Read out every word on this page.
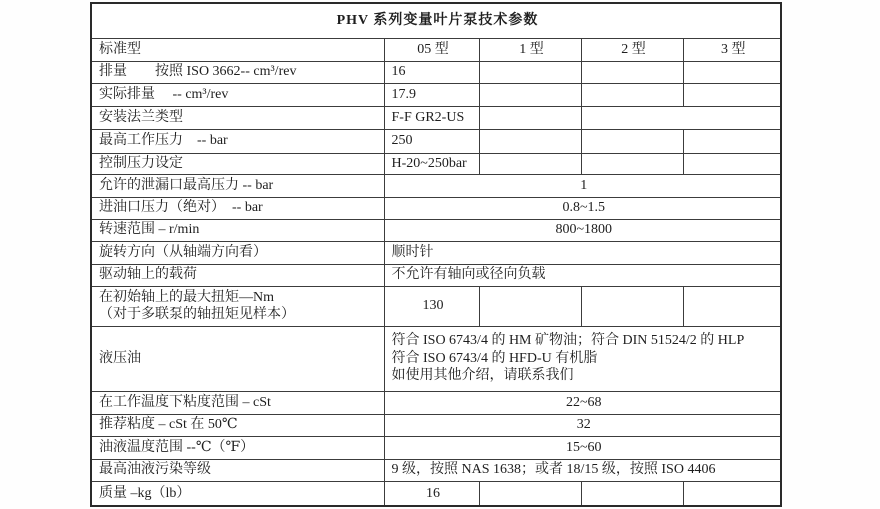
PHV 系列变量叶片泵技术参数				
标准型	05 型	1 型	2 型	3 型
排量　　按照 ISO 3662-- cm³/rev	16			
实际排量　 -- cm³/rev	17.9			
安装法兰类型	F-F GR2-US			
最高工作压力　-- bar	250			
控制压力设定	H-20~250bar			
允许的泄漏口最高压力 -- bar	1			
进油口压力（绝对）　-- bar	0.8~1.5			
转速范围 – r/min	800~1800			
旋转方向（从轴端方向看）	顺时针			
驱动轴上的载荷	不允许有轴向或径向负载			

在初始轴上的最大扭矩—Nm
（对于多联泵的轴扭矩见样本）	130			
液压油	符合 ISO 6743/4 的 HM 矿物油；符合 DIN 51524/2 的 HLP
符合 ISO 6743/4 的 HFD-U 有机脂
如使用其他介绍，请联系我们			

在工作温度下粘度范围 – cSt	22~68			
推荐粘度 – cSt 在 50℃	32			
油液温度范围 --℃（℉）	15~60			
最高油液污染等级	9 级，按照 NAS 1638；或者 18/15 级，按照 ISO 4406			
质量 –kg（lb）	16			
